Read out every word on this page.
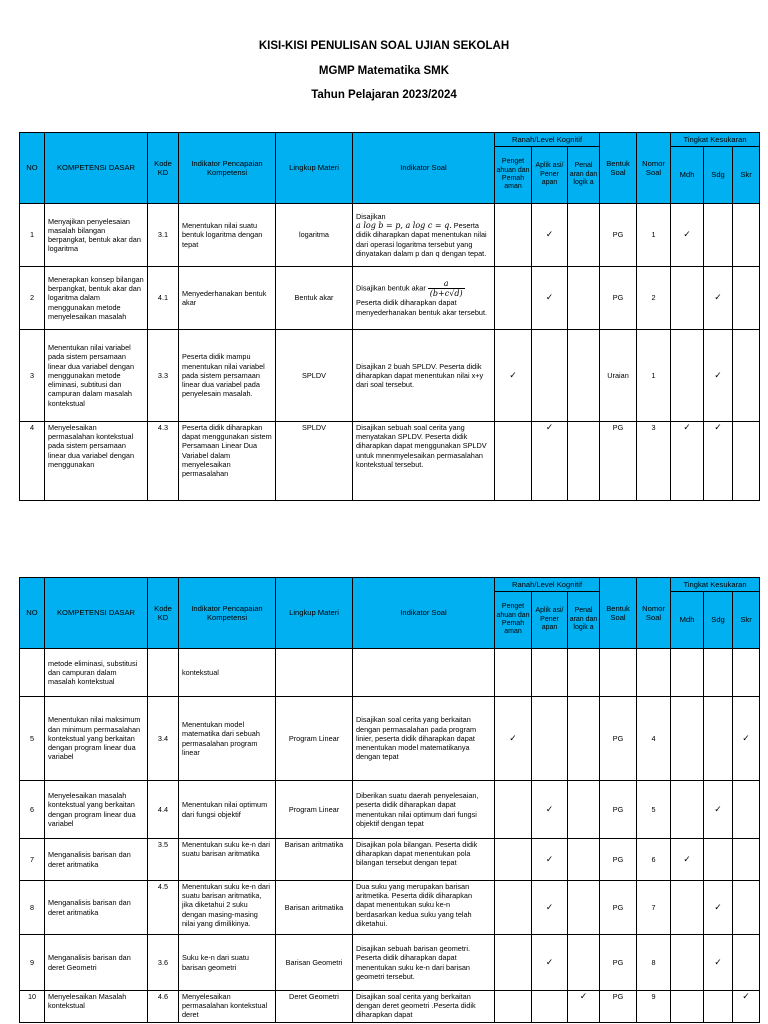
KISI-KISI PENULISAN SOAL UJIAN SEKOLAH
MGMP Matematika SMK
Tahun Pelajaran 2023/2024
NO	KOMPETENSI DASAR	Kode KD	Indikator Pencapaian Kompetensi	Lingkup Materi	Indikator Soal	Ranah/Level Kognitif			Bentuk Soal	Nomor Soal	Tingkat Kesukaran		
						Penget ahuan dan Pemah aman	Aplik asi/ Pener apan	Penal aran dan logik a			Mdh	Sdg	Skr
1	Menyajikan penyelesaian masalah bilangan berpangkat, bentuk akar dan logaritma	3.1	Menentukan nilai suatu bentuk logaritma dengan tepat	logaritma	Disajikan
a log b = p, a log c = q. Peserta didik diharapkan dapat menentukan nilai dari operasi logaritma tersebut yang dinyatakan dalam p dan q dengan tepat.		✓		PG	1	✓		
2	Menerapkan konsep bilangan berpangkat, bentuk akar dan logaritma dalam menggunakan metode menyelesaikan masalah	4.1	Menyederhanakan bentuk akar	Bentuk akar	Disajikan bentuk akar $\frac{a}{(b+c√d)}$

Peserta didik diharapkan dapat menyederhanakan bentuk akar tersebut.		✓		PG	2		✓	
3	Menentukan nilai variabel pada sistem persamaan linear dua variabel dengan menggunakan metode eliminasi, subtitusi dan campuran dalam masalah kontekstual	3.3	Peserta didik mampu menentukan nilai variabel pada sistem persamaan linear dua variabel pada penyelesain masalah.	SPLDV	Disajikan 2 buah SPLDV. Peserta didik diharapkan dapat menentukan nilai x+y dari soal tersebut.	✓			Uraian	1		✓	
4	Menyelesaikan permasalahan kontekstual pada sistem persamaan linear dua variabel dengan menggunakan	4.3	Peserta didik diharapkan dapat menggunakan sistem Persamaan Linear Dua Variabel dalam menyelesaikan permasalahan	SPLDV	Disajikan sebuah soal cerita yang menyatakan SPLDV. Peserta didik diharapkan dapat menggunakan SPLDV untuk mnenmyelesaikan permasalahan kontekstual tersebut.		✓		PG	3	✓	✓	
NO	KOMPETENSI DASAR	Kode KD	Indikator Pencapaian Kompetensi	Lingkup Materi	Indikator Soal	Ranah/Level Kognitif			Bentuk Soal	Nomor Soal	Tingkat Kesukaran		
						Penget ahuan dan Pemah aman	Aplik asi/ Pener apan	Penal aran dan logik a			Mdh	Sdg	Skr
	metode eliminasi, substitusi dan campuran dalam masalah kontekstual		kontekstual										
5	Menentukan nilai maksimum dan minimum permasalahan kontekstual yang berkaitan dengan program linear dua variabel	3.4	Menentukan model matematika dari sebuah permasalahan program linear	Program Linear	Disajikan soal cerita yang berkaitan dengan permasalahan pada program linier, peserta didik diharapkan dapat menentukan model matematikanya dengan tepat	✓			PG	4			✓
6	Menyelesaikan masalah kontekstual yang berkaitan dengan program linear dua variabel	4.4	Menentukan nilai optimum dari fungsi objektif	Program Linear	Diberikan suatu daerah penyelesaian, peserta didik diharapkan dapat menentukan nilai optimum dari fungsi objektif dengan tepat		✓		PG	5		✓	
7	Menganalisis barisan dan deret aritmatika	3.5	Menentukan suku ke-n dari suatu barisan aritmatika	Barisan aritmatika	Disajikan pola bilangan. Peserta didik diharapkan dapat menentukan pola bilangan tersebut dengan tepat		✓		PG	6	✓		
8	Menganalisis barisan dan deret aritmatika	4.5	Menentukan suku ke-n dari suatu barisan aritmatika, jika diketahui 2 suku dengan masing-masing nilai yang dimilikinya.	Barisan aritmatika	Dua suku yang merupakan barisan aritmetika. Peserta didik diharapkan dapat menentukan suku ke-n berdasarkan kedua suku yang telah diketahui.		✓		PG	7		✓	
9	Menganalisis barisan dan deret Geometri	3.6	Suku ke-n dari suatu barisan geometri	Barisan Geometri	Disajikan sebuah barisan geometri. Peserta didik diharapkan dapat menentukan suku ke-n dari barisan geometri tersebut.		✓		PG	8		✓	
10	Menyelesaikan Masalah kontekstual	4.6	Menyelesaikan permasalahan kontekstual deret	Deret Geometri	Disajikan soal cerita yang berkaitan dengan deret geometri .Peserta didik diharapkan dapat			✓	PG	9			✓
